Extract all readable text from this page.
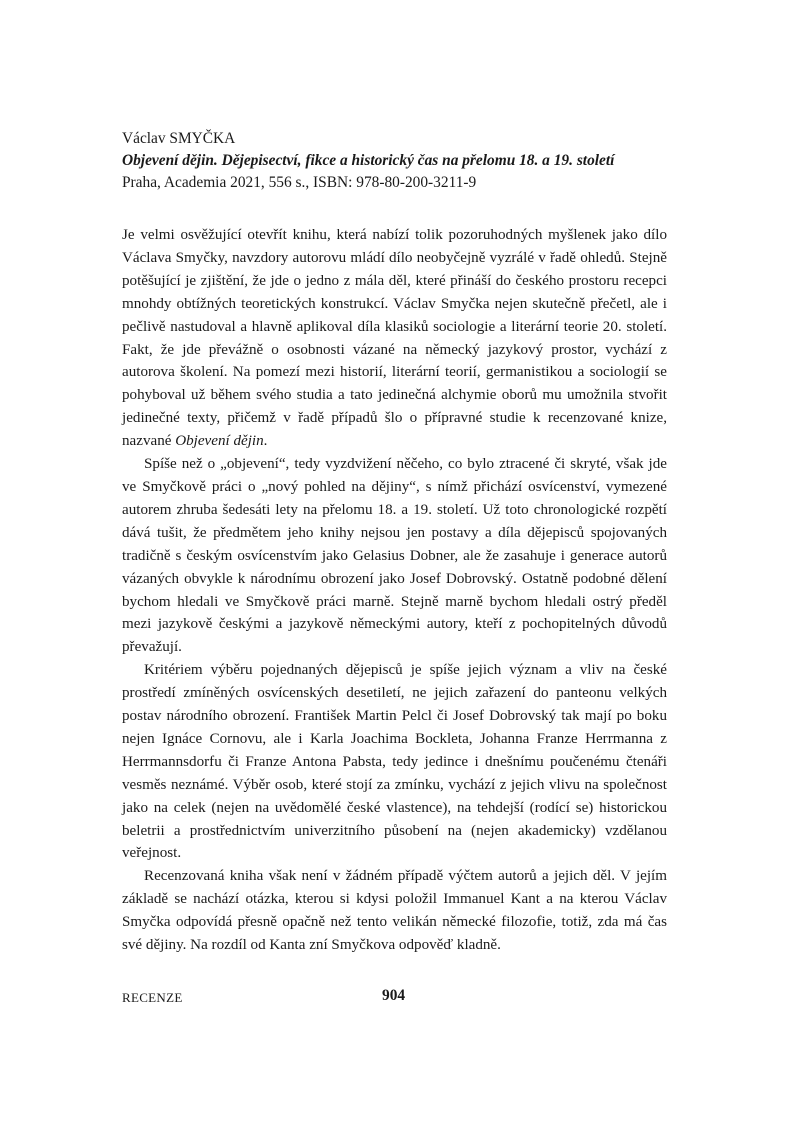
Václav SMYČKA
Objevení dějin. Dějepisectví, fikce a historický čas na přelomu 18. a 19. století
Praha, Academia 2021, 556 s., ISBN: 978-80-200-3211-9

Je velmi osvěžující otevřít knihu, která nabízí tolik pozoruhodných myšlenek jako dílo Václava Smyčky, navzdory autorovu mládí dílo neobyčejně vyzrálé v řadě ohledů. Stejně potěšující je zjištění, že jde o jedno z mála děl, které přináší do českého prostoru recepci mnohdy obtížných teoretických konstrukcí. Václav Smyčka nejen skutečně přečetl, ale i pečlivě nastudoval a hlavně aplikoval díla klasiků sociologie a literární teorie 20. století. Fakt, že jde převážně o osobnosti vázané na německý jazykový prostor, vychází z autorova školení. Na pomezí mezi historií, literární teorií, germanistikou a sociologií se pohyboval už během svého studia a tato jedinečná alchymie oborů mu umožnila stvořit jedinečné texty, přičemž v řadě případů šlo o přípravné studie k recenzované knize, nazvané Objevení dějin.

Spíše než o „objevení“, tedy vyzdvižení něčeho, co bylo ztracené či skryté, však jde ve Smyčkově práci o „nový pohled na dějiny“, s nímž přichází osvícenství, vymezené autorem zhruba šedesáti lety na přelomu 18. a 19. století. Už toto chronologické rozpětí dává tušit, že předmětem jeho knihy nejsou jen postavy a díla dějepisců spojovaných tradičně s českým osvícenstvím jako Gelasius Dobner, ale že zasahuje i generace autorů vázaných obvykle k národnímu obrození jako Josef Dobrovský. Ostatně podobné dělení bychom hledali ve Smyčkově práci marně. Stejně marně bychom hledali ostrý předěl mezi jazykově českými a jazykově německými autory, kteří z pochopitelných důvodů převažují.

Kritériem výběru pojednaných dějepisců je spíše jejich význam a vliv na české prostředí zmíněných osvícenských desetiletí, ne jejich zařazení do panteonu velkých postav národního obrození. František Martin Pelcl či Josef Dobrovský tak mají po boku nejen Ignáce Cornovu, ale i Karla Joachima Bockleta, Johanna Franze Herrmanna z Herrmannsdorfu či Franze Antona Pabsta, tedy jedince i dnešnímu poučenému čtenáři vesměs neznámé. Výběr osob, které stojí za zmínku, vychází z jejich vlivu na společnost jako na celek (nejen na uvědomělé české vlastence), na tehdejší (rodící se) historickou beletrii a prostřednictvím univerzitního působení na (nejen akademicky) vzdělanou veřejnost.

Recenzovaná kniha však není v žádném případě výčtem autorů a jejich děl. V jejím základě se nachází otázka, kterou si kdysi položil Immanuel Kant a na kterou Václav Smyčka odpovídá přesně opačně než tento velikán německé filozofie, totiž, zda má čas své dějiny. Na rozdíl od Kanta zní Smyčkova odpověď kladně.

RECENZE	904
